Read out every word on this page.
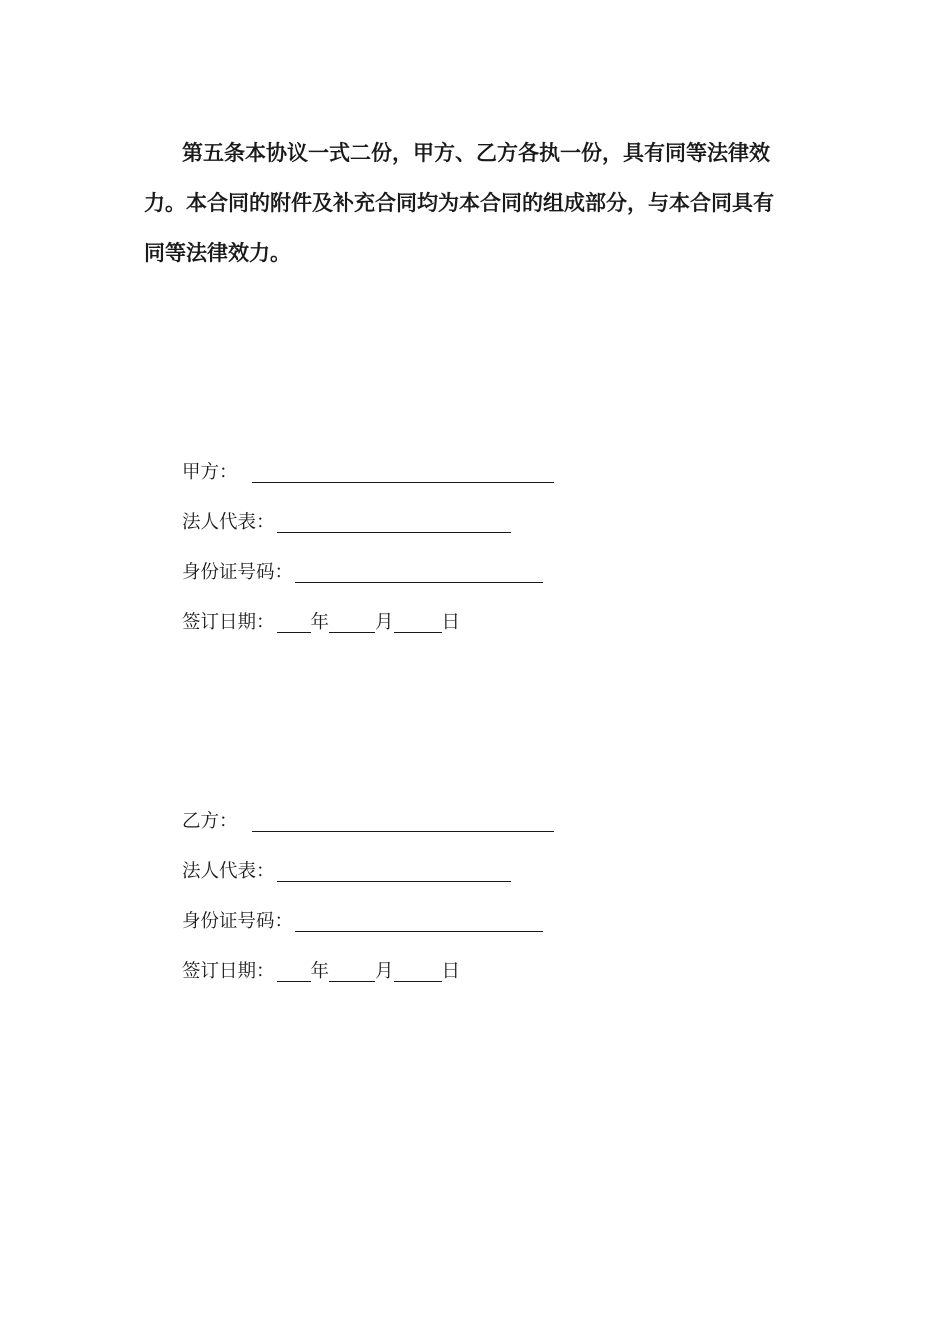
第五条本协议一式二份，甲方、乙方各执一份，具有同等法律效力。本合同的附件及补充合同均为本合同的组成部分，与本合同具有同等法律效力。

甲方：
法人代表：
身份证号码：
签订日期： 年 月	日
乙方：
法人代表：
身份证号码：
签订日期： 年 月	日
